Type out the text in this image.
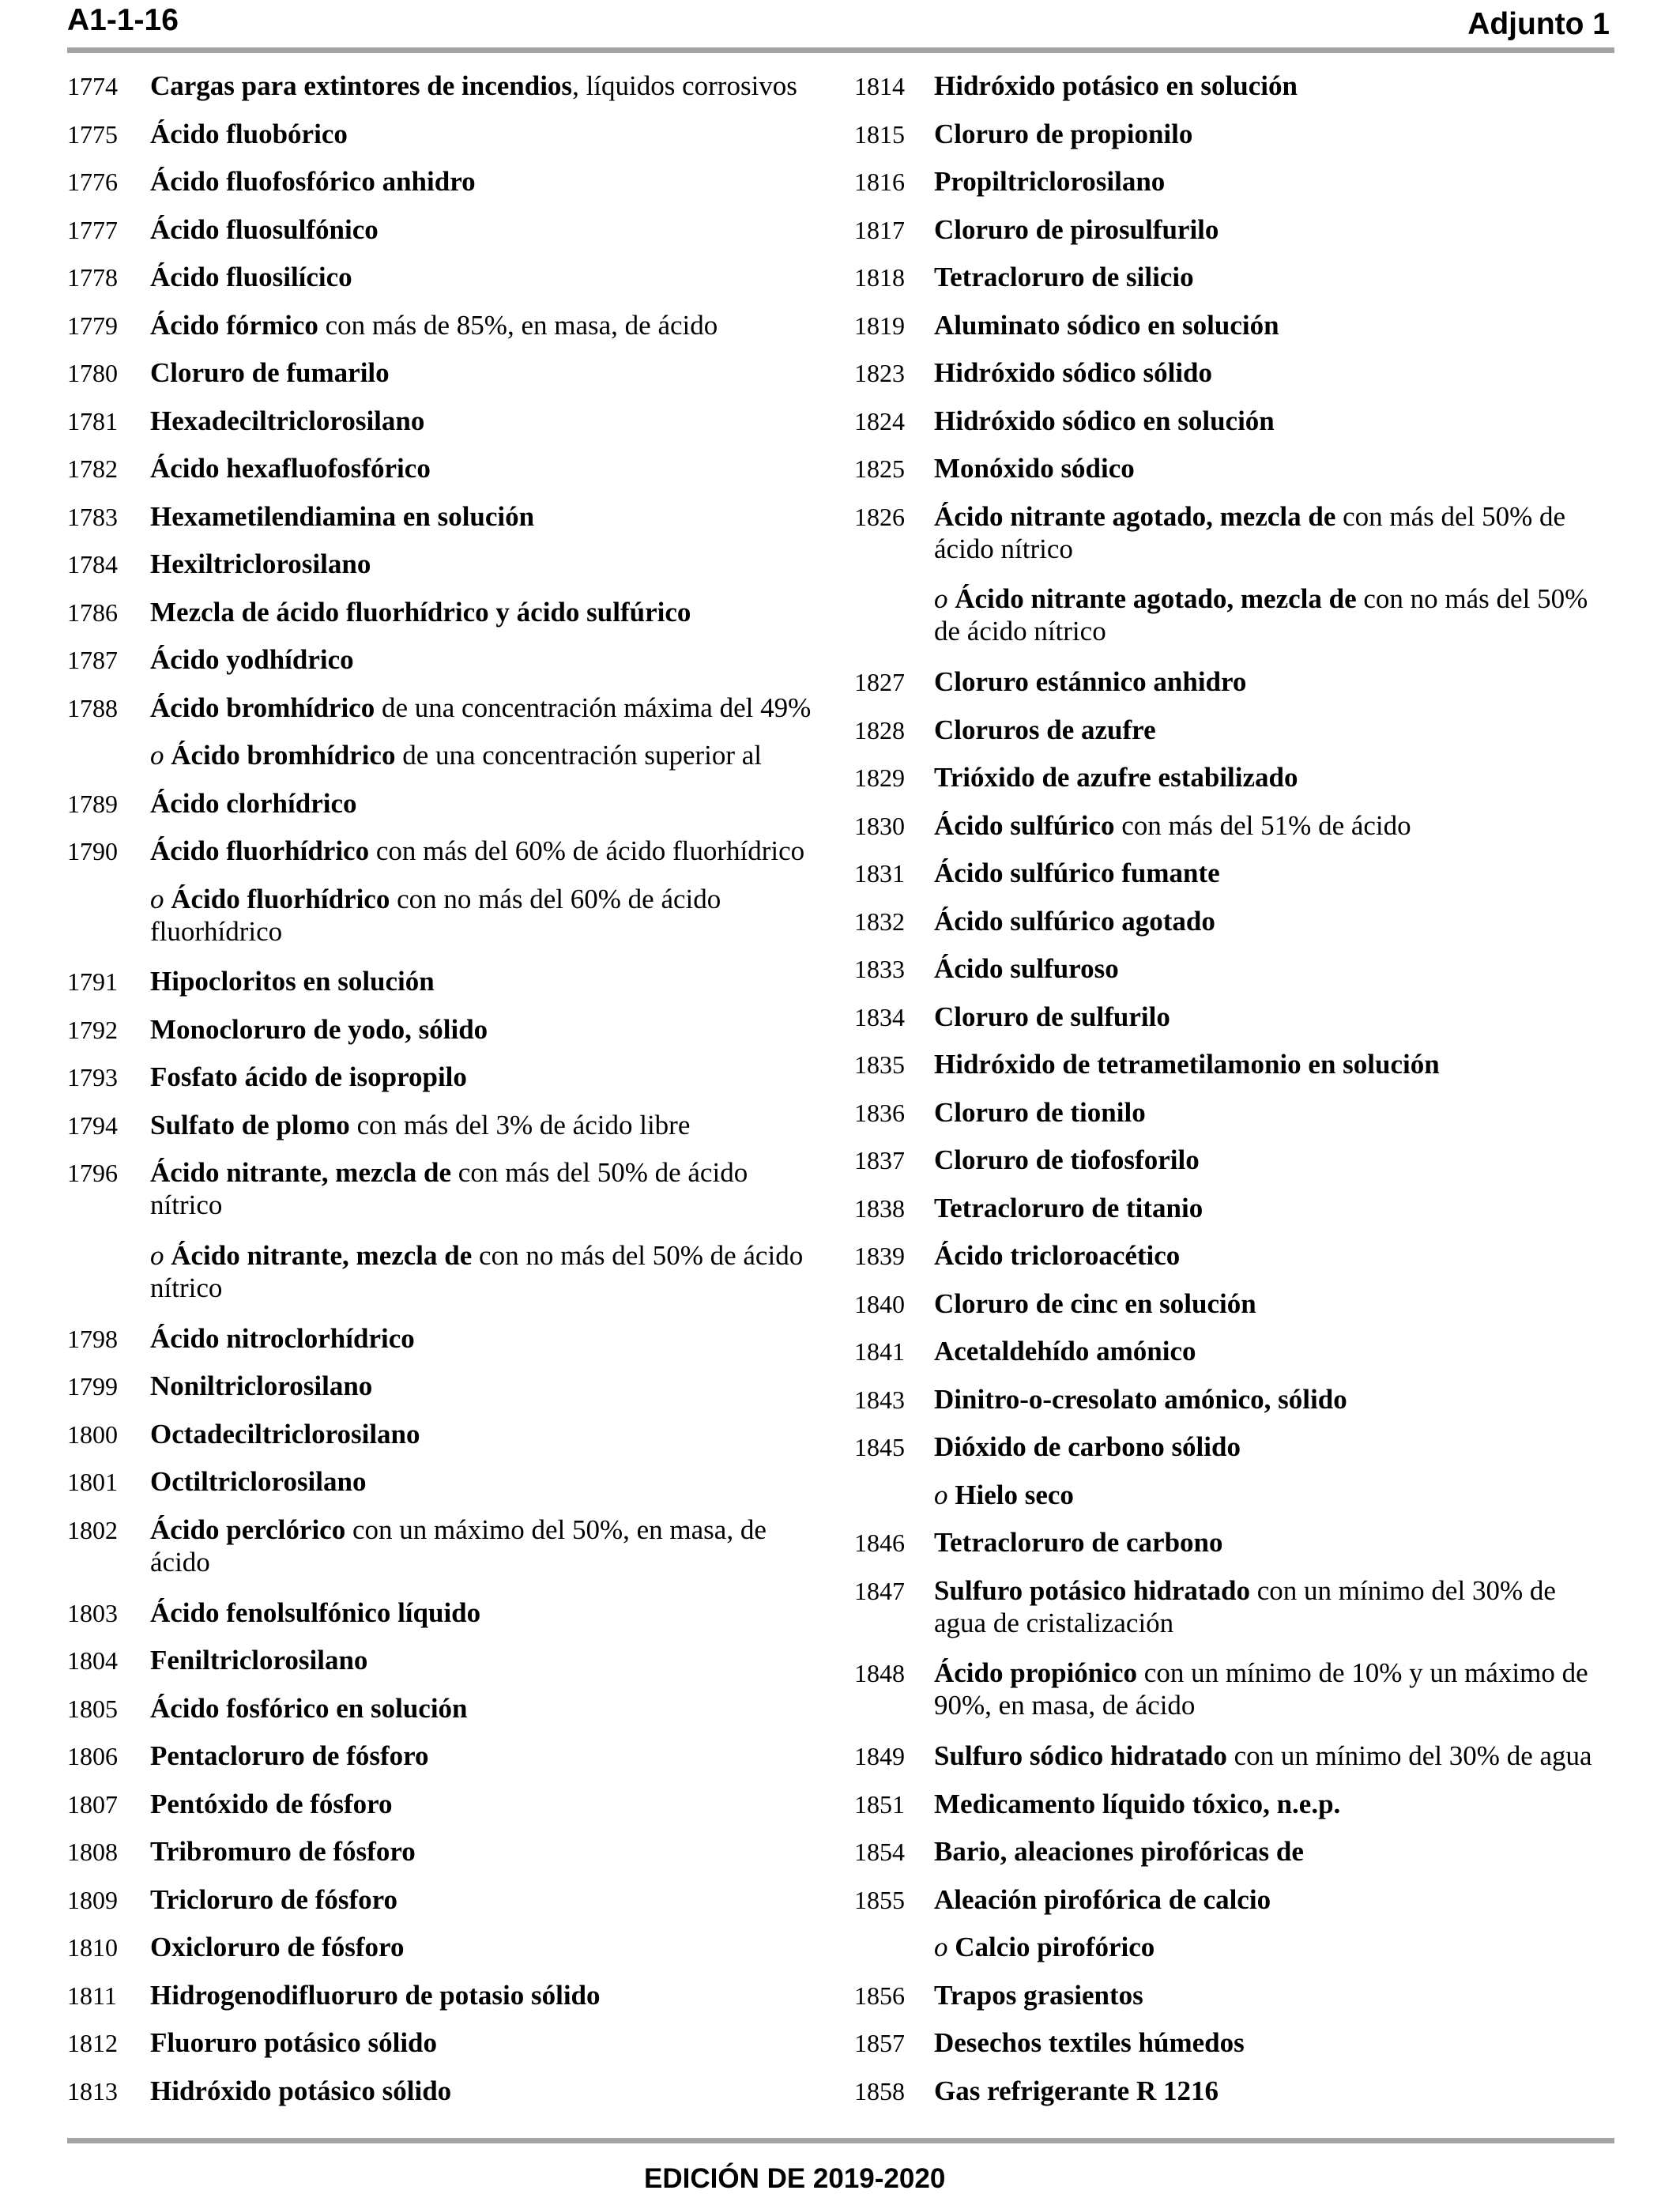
A1-1-16	Adjunto 1
1774	Cargas para extintores de incendios, líquidos corrosivos
1775	Ácido fluobórico
1776	Ácido fluofosfórico anhidro
1777	Ácido fluosulfónico
1778	Ácido fluosilícico
1779	Ácido fórmico con más de 85%, en masa, de ácido
1780	Cloruro de fumarilo
1781	Hexadeciltriclorosilano
1782	Ácido hexafluofosfórico
1783	Hexametilendiamina en solución
1784	Hexiltriclorosilano
1786	Mezcla de ácido fluorhídrico y ácido sulfúrico
1787	Ácido yodhídrico
1788	Ácido bromhídrico de una concentración máxima del 49%
o Ácido bromhídrico de una concentración superior al
1789	Ácido clorhídrico
1790	Ácido fluorhídrico con más del 60% de ácido fluorhídrico
o Ácido fluorhídrico con no más del 60% de ácido
fluorhídrico
1791	Hipocloritos en solución
1792	Monocloruro de yodo, sólido
1793	Fosfato ácido de isopropilo
1794	Sulfato de plomo con más del 3% de ácido libre
1796	Ácido nitrante, mezcla de con más del 50% de ácido
nítrico
o Ácido nitrante, mezcla de con no más del 50% de ácido
nítrico
1798	Ácido nitroclorhídrico
1799	Noniltriclorosilano
1800	Octadeciltriclorosilano
1801	Octiltriclorosilano
1802	Ácido perclórico con un máximo del 50%, en masa, de
ácido
1803	Ácido fenolsulfónico líquido
1804	Feniltriclorosilano
1805	Ácido fosfórico en solución
1806	Pentacloruro de fósforo
1807	Pentóxido de fósforo
1808	Tribromuro de fósforo
1809	Tricloruro de fósforo
1810	Oxicloruro de fósforo
1811	Hidrogenodifluoruro de potasio sólido
1812	Fluoruro potásico sólido
1813	Hidróxido potásico sólido
1814	Hidróxido potásico en solución
1815	Cloruro de propionilo
1816	Propiltriclorosilano
1817	Cloruro de pirosulfurilo
1818	Tetracloruro de silicio
1819	Aluminato sódico en solución
1823	Hidróxido sódico sólido
1824	Hidróxido sódico en solución
1825	Monóxido sódico
1826	Ácido nitrante agotado, mezcla de con más del 50% de
ácido nítrico
o Ácido nitrante agotado, mezcla de con no más del 50%
de ácido nítrico
1827	Cloruro estánnico anhidro
1828	Cloruros de azufre
1829	Trióxido de azufre estabilizado
1830	Ácido sulfúrico con más del 51% de ácido
1831	Ácido sulfúrico fumante
1832	Ácido sulfúrico agotado
1833	Ácido sulfuroso
1834	Cloruro de sulfurilo
1835	Hidróxido de tetrametilamonio en solución
1836	Cloruro de tionilo
1837	Cloruro de tiofosforilo
1838	Tetracloruro de titanio
1839	Ácido tricloroacético
1840	Cloruro de cinc en solución
1841	Acetaldehído amónico
1843	Dinitro-o-cresolato amónico, sólido
1845	Dióxido de carbono sólido
o Hielo seco
1846	Tetracloruro de carbono
1847	Sulfuro potásico hidratado con un mínimo del 30% de
agua de cristalización
1848	Ácido propiónico con un mínimo de 10% y un máximo de
90%, en masa, de ácido
1849	Sulfuro sódico hidratado con un mínimo del 30% de agua
1851	Medicamento líquido tóxico, n.e.p.
1854	Bario, aleaciones pirofóricas de
1855	Aleación pirofórica de calcio
o Calcio pirofórico
1856	Trapos grasientos
1857	Desechos textiles húmedos
1858	Gas refrigerante R 1216
EDICIÓN DE 2019-2020
